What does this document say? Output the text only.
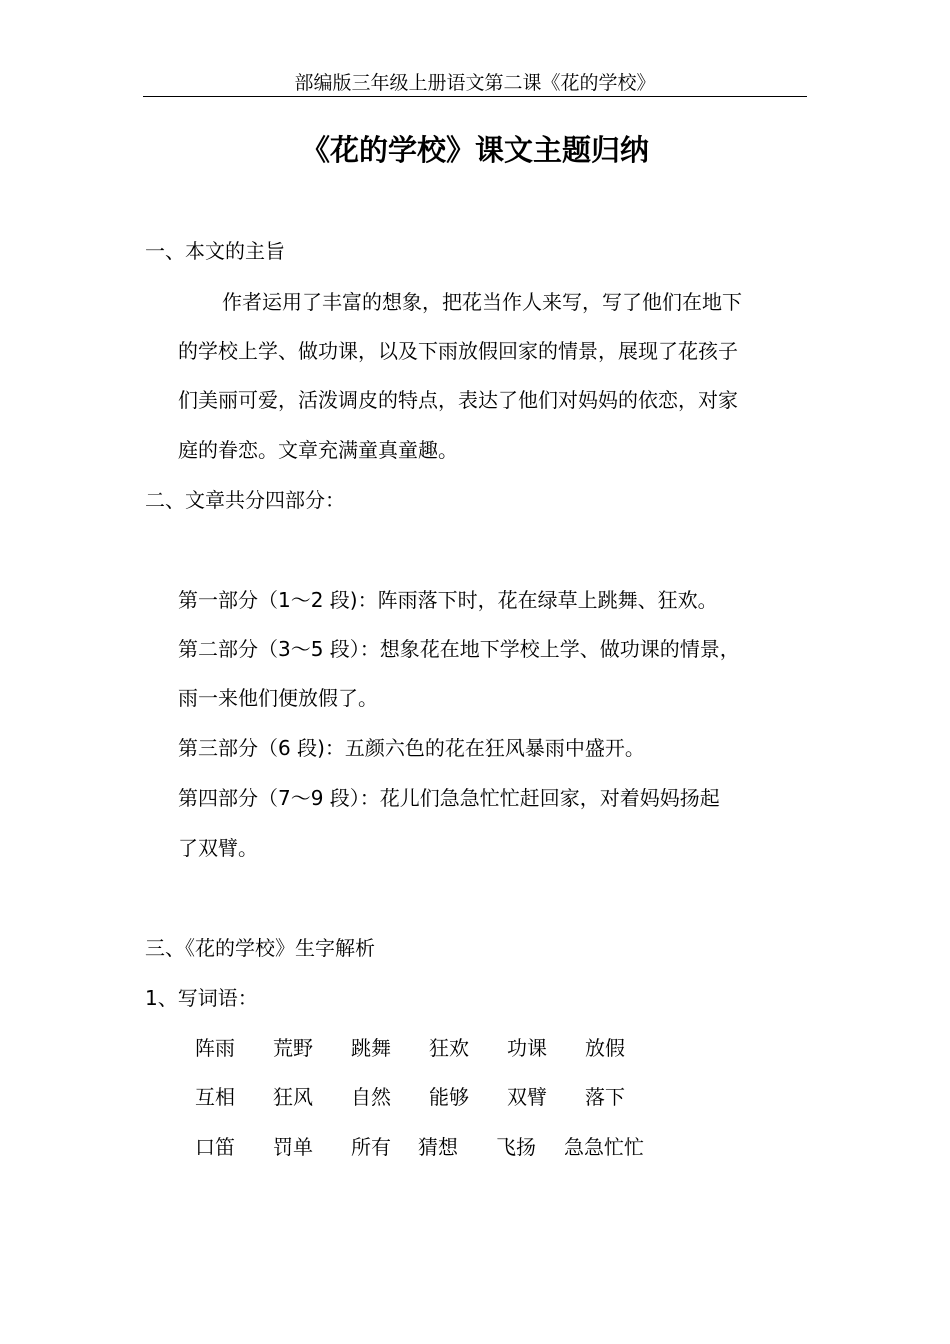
部编版三年级上册语文第二课《花的学校》
《花的学校》课文主题归纳
一、本文的主旨
作者运用了丰富的想象，把花当作人来写，写了他们在地下
的学校上学、做功课，以及下雨放假回家的情景，展现了花孩子
们美丽可爱，活泼调皮的特点，表达了他们对妈妈的依恋，对家
庭的眷恋。文章充满童真童趣。
二、文章共分四部分：
第一部分（1～2 段)：阵雨落下时，花在绿草上跳舞、狂欢。
第二部分（3～5 段）：想象花在地下学校上学、做功课的情景，
雨一来他们便放假了。
第三部分（6 段)：五颜六色的花在狂风暴雨中盛开。
第四部分（7～9 段）：花儿们急急忙忙赶回家，对着妈妈扬起
了双臂。
三、《花的学校》生字解析
1、写词语：
阵雨 荒野 跳舞 狂欢 功课 放假
互相 狂风 自然 能够 双臂 落下
口笛 罚单 所有 猜想 飞扬 急急忙忙
